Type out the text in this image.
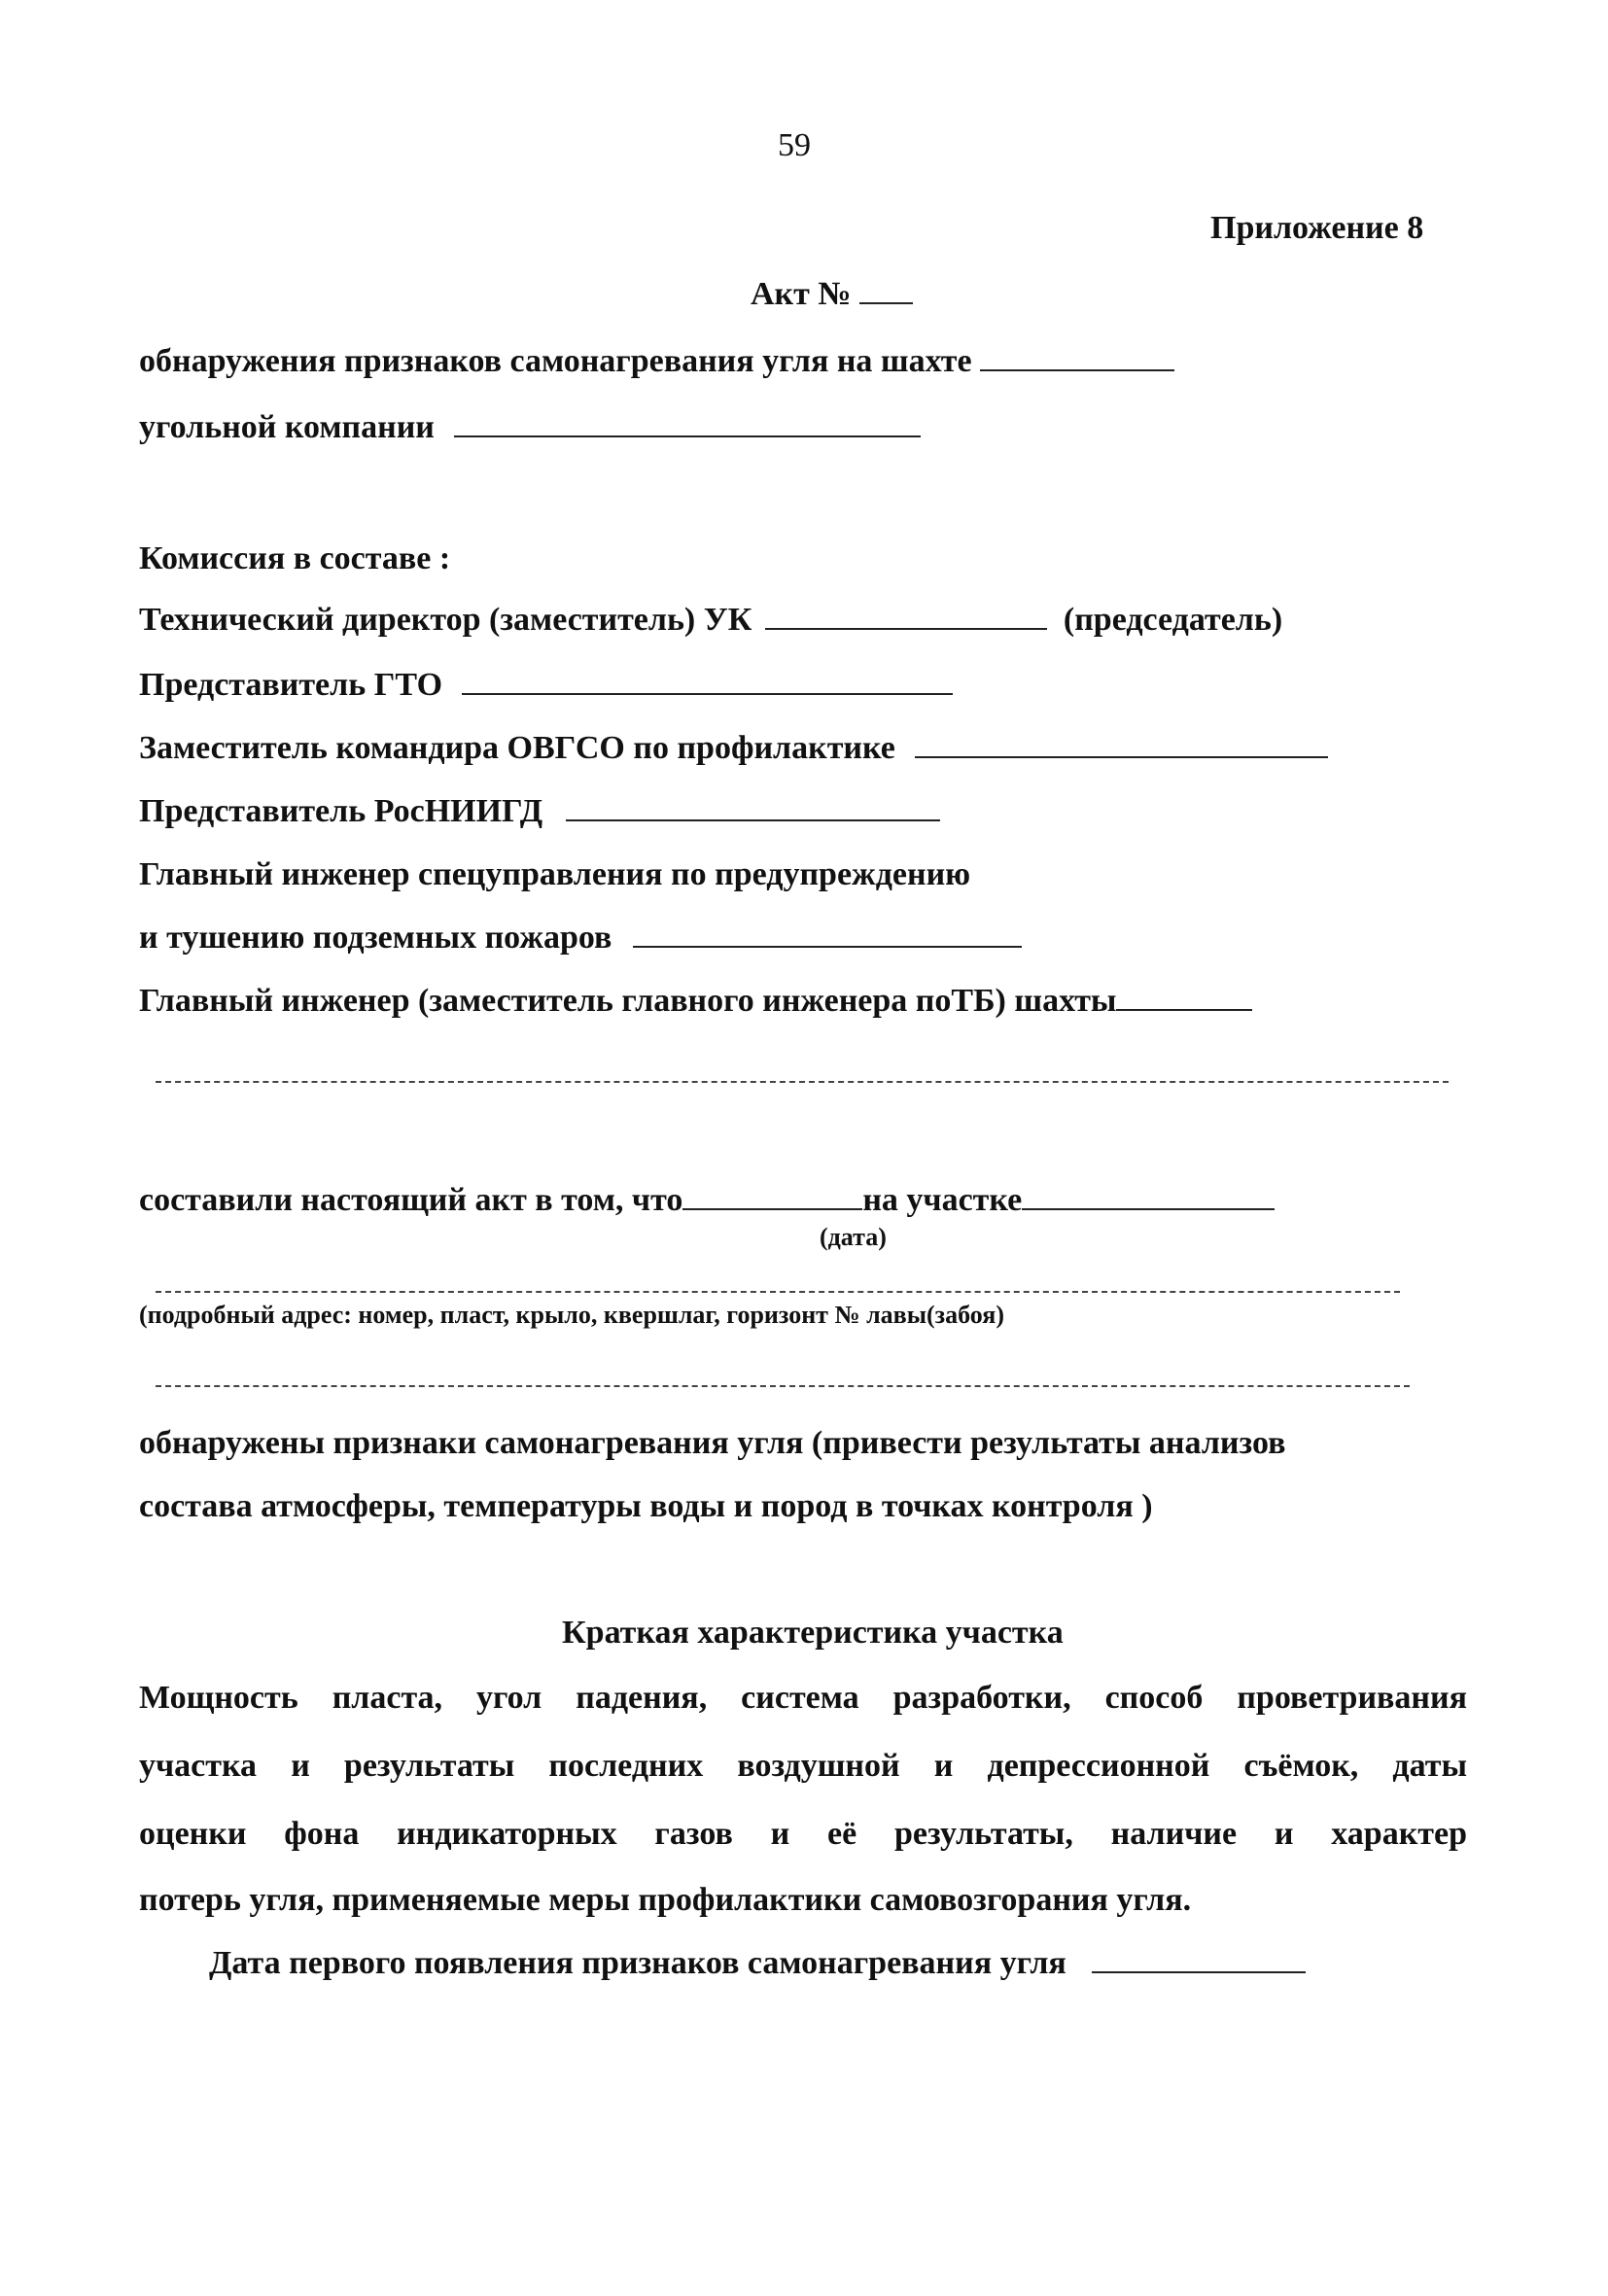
59
Приложение 8
Акт №
обнаружения признаков самонагревания угля на шахте
угольной компании
Комиссия в составе :
Технический директор (заместитель) УК	(председатель)
Представитель ГТО
Заместитель командира ОВГСО по профилактике
Представитель РосНИИГД
Главный инженер спецуправления по предупреждению
и тушению подземных пожаров
Главный инженер (заместитель главного инженера поТБ) шахты
составили настоящий акт в том, что	на участке
(дата)
(подробный адрес: номер, пласт, крыло, квершлаг, горизонт № лавы(забоя)
обнаружены признаки самонагревания угля (привести результаты анализов
состава атмосферы, температуры воды и пород в точках контроля )
Краткая характеристика участка
Мощность пласта, угол падения, система разработки, способ проветривания
участка и результаты последних воздушной и депрессионной съёмок, даты
оценки фона индикаторных газов и её результаты, наличие и характер
потерь угля, применяемые меры профилактики самовозгорания угля.
Дата первого появления признаков самонагревания угля
